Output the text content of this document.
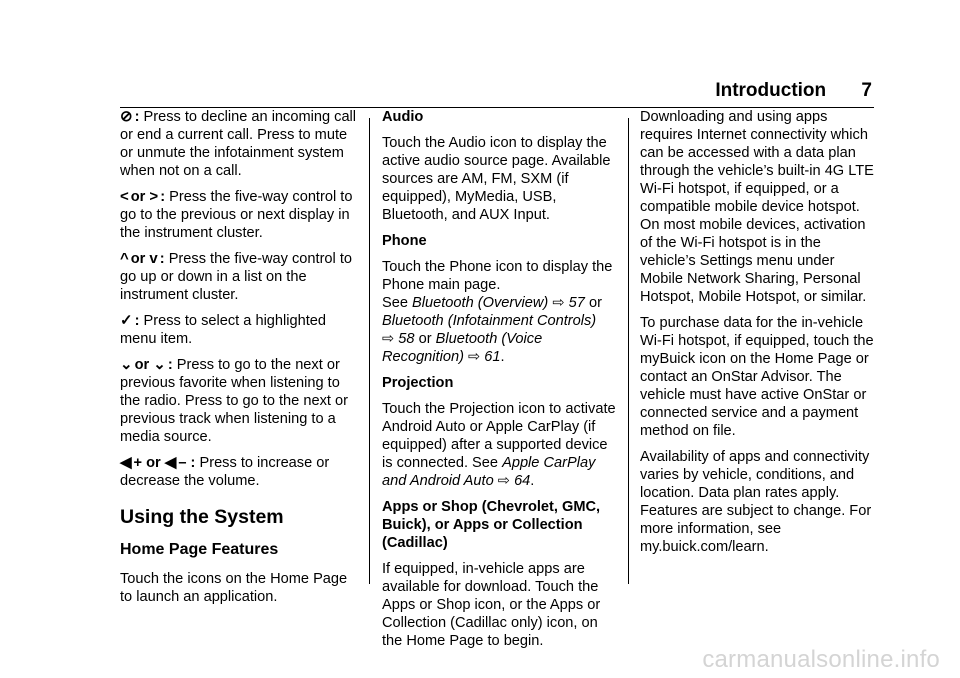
Introduction 7

⊘ : Press to decline an incoming call or end a current call. Press to mute or unmute the infotainment system when not on a call.

< or > : Press the five-way control to go to the previous or next display in the instrument cluster.

^ or v : Press the five-way control to go up or down in a list on the instrument cluster.

✓ : Press to select a highlighted menu item.

⌄ or ⌄ : Press to go to the next or previous favorite when listening to the radio. Press to go to the next or previous track when listening to a media source.

◀ + or ◀ – : Press to increase or decrease the volume.

Using the System
Home Page Features

Touch the icons on the Home Page to launch an application.

Audio

Touch the Audio icon to display the active audio source page. Available sources are AM, FM, SXM (if equipped), MyMedia, USB, Bluetooth, and AUX Input.

Phone

Touch the Phone icon to display the Phone main page.
See Bluetooth (Overview) ⇨ 57 or
Bluetooth (Infotainment Controls)
⇨ 58 or Bluetooth (Voice Recognition) ⇨ 61.

Projection

Touch the Projection icon to activate Android Auto or Apple CarPlay (if equipped) after a supported device is connected. See Apple CarPlay and Android Auto ⇨ 64.

Apps or Shop (Chevrolet, GMC, Buick), or Apps or Collection (Cadillac)

If equipped, in-vehicle apps are available for download. Touch the Apps or Shop icon, or the Apps or Collection (Cadillac only) icon, on the Home Page to begin.

Downloading and using apps requires Internet connectivity which can be accessed with a data plan through the vehicle’s built-in 4G LTE Wi-Fi hotspot, if equipped, or a compatible mobile device hotspot. On most mobile devices, activation of the Wi-Fi hotspot is in the vehicle’s Settings menu under Mobile Network Sharing, Personal Hotspot, Mobile Hotspot, or similar.

To purchase data for the in-vehicle Wi-Fi hotspot, if equipped, touch the myBuick icon on the Home Page or contact an OnStar Advisor. The vehicle must have active OnStar or connected service and a payment method on file.

Availability of apps and connectivity varies by vehicle, conditions, and location. Data plan rates apply. Features are subject to change. For more information, see my.buick.com/learn.

carmanualsonline.info
